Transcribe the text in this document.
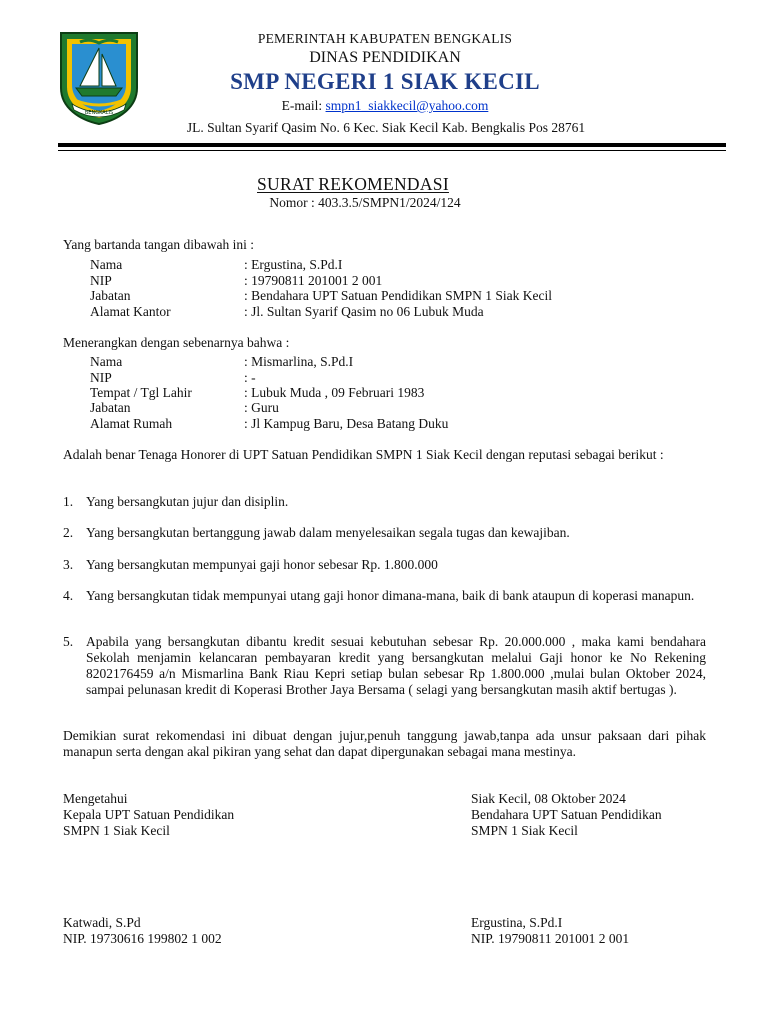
BENGKALIS
PEMERINTAH KABUPATEN BENGKALIS
DINAS PENDIDIKAN
SMP NEGERI 1 SIAK KECIL
E-mail: smpn1_siakkecil@yahoo.com
JL. Sultan Syarif Qasim No. 6 Kec. Siak Kecil Kab. Bengkalis Pos 28761
SURAT REKOMENDASI
Nomor : 403.3.5/SMPN1/2024/124
Yang bartanda tangan dibawah ini :
Nama	: Ergustina, S.Pd.I
NIP	: 19790811 201001 2 001
Jabatan	: Bendahara UPT Satuan Pendidikan SMPN 1 Siak Kecil
Alamat Kantor	: Jl. Sultan Syarif Qasim no 06 Lubuk Muda
Menerangkan dengan sebenarnya bahwa :
Nama	: Mismarlina, S.Pd.I
NIP	: -
Tempat / Tgl Lahir	: Lubuk Muda , 09 Februari 1983
Jabatan	: Guru
Alamat Rumah	: Jl Kampug Baru, Desa Batang Duku
Adalah benar Tenaga Honorer di UPT Satuan Pendidikan SMPN 1 Siak Kecil dengan reputasi sebagai berikut :
1. Yang bersangkutan jujur dan disiplin.
2. Yang bersangkutan bertanggung jawab dalam menyelesaikan segala tugas dan kewajiban.
3. Yang bersangkutan mempunyai gaji honor sebesar Rp. 1.800.000
4. Yang bersangkutan tidak mempunyai utang gaji honor dimana-mana, baik di bank ataupun di koperasi manapun.
5. Apabila yang bersangkutan dibantu kredit sesuai kebutuhan sebesar Rp. 20.000.000 , maka kami bendahara Sekolah menjamin kelancaran pembayaran kredit yang bersangkutan melalui Gaji honor ke No Rekening 8202176459 a/n Mismarlina Bank Riau Kepri setiap bulan sebesar Rp 1.800.000 ,mulai bulan Oktober 2024, sampai pelunasan kredit di Koperasi Brother Jaya Bersama ( selagi yang bersangkutan masih aktif bertugas ).
Demikian surat rekomendasi ini dibuat dengan jujur,penuh tanggung jawab,tanpa ada unsur paksaan dari pihak manapun serta dengan akal pikiran yang sehat dan dapat dipergunakan sebagai mana mestinya.
Mengetahui
Kepala UPT Satuan Pendidikan
SMPN 1 Siak Kecil
Siak Kecil, 08 Oktober 2024
Bendahara UPT Satuan Pendidikan
SMPN 1 Siak Kecil
Katwadi, S.Pd
NIP. 19730616 199802 1 002
Ergustina, S.Pd.I
NIP. 19790811 201001 2 001
